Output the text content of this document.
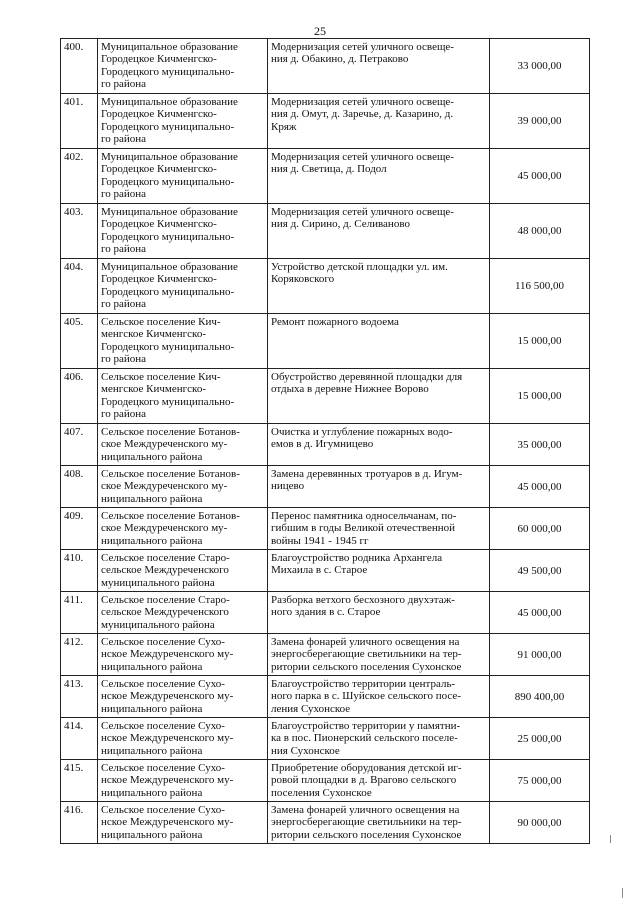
25
400.	Муниципальное образование
Городецкое Кичменгско-
Городецкого муниципально-
го района	Модернизация сетей уличного освеще-
ния д. Обакино, д. Петраково	33 000,00
401.	Муниципальное образование
Городецкое Кичменгско-
Городецкого муниципально-
го района	Модернизация сетей уличного освеще-
ния д. Омут, д. Заречье, д. Казарино, д.
Кряж	39 000,00
402.	Муниципальное образование
Городецкое Кичменгско-
Городецкого муниципально-
го района	Модернизация сетей уличного освеще-
ния д. Светица, д. Подол	45 000,00
403.	Муниципальное образование
Городецкое Кичменгско-
Городецкого муниципально-
го района	Модернизация сетей уличного освеще-
ния д. Сирино, д. Селиваново	48 000,00
404.	Муниципальное образование
Городецкое Кичменгско-
Городецкого муниципально-
го района	Устройство детской площадки ул. им.
Коряковского	116 500,00
405.	Сельское поселение Кич-
менгское Кичменгско-
Городецкого муниципально-
го района	Ремонт пожарного водоема	15 000,00
406.	Сельское поселение Кич-
менгское Кичменгско-
Городецкого муниципально-
го района	Обустройство деревянной площадки для
отдыха в деревне Нижнее Ворово	15 000,00
407.	Сельское поселение Ботанов-
ское Междуреченского му-
ниципального района	Очистка и углубление пожарных водо-
емов в д. Игумницево	35 000,00
408.	Сельское поселение Ботанов-
ское Междуреченского му-
ниципального района	Замена деревянных тротуаров в д. Игум-
ницево	45 000,00
409.	Сельское поселение Ботанов-
ское Междуреченского му-
ниципального района	Перенос памятника односельчанам, по-
гибшим в годы Великой отечественной
войны 1941 - 1945 гг	60 000,00
410.	Сельское поселение Старо-
сельское Междуреченского
муниципального района	Благоустройство родника Архангела
Михаила в с. Старое	49 500,00
411.	Сельское поселение Старо-
сельское Междуреченского
муниципального района	Разборка ветхого бесхозного двухэтаж-
ного здания в с. Старое	45 000,00
412.	Сельское поселение Сухо-
нское Междуреченского му-
ниципального района	Замена фонарей уличного освещения на
энергосберегающие светильники на тер-
ритории сельского поселения Сухонское	91 000,00
413.	Сельское поселение Сухо-
нское Междуреченского му-
ниципального района	Благоустройство территории централь-
ного парка в с. Шуйское сельского посе-
ления Сухонское	890 400,00
414.	Сельское поселение Сухо-
нское Междуреченского му-
ниципального района	Благоустройство территории у памятни-
ка в пос. Пионерский сельского поселе-
ния Сухонское	25 000,00
415.	Сельское поселение Сухо-
нское Междуреченского му-
ниципального района	Приобретение оборудования детской иг-
ровой площадки в д. Врагово сельского
поселения Сухонское	75 000,00
416.	Сельское поселение Сухо-
нское Междуреченского му-
ниципального района	Замена фонарей уличного освещения на
энергосберегающие светильники на тер-
ритории сельского поселения Сухонское	90 000,00
